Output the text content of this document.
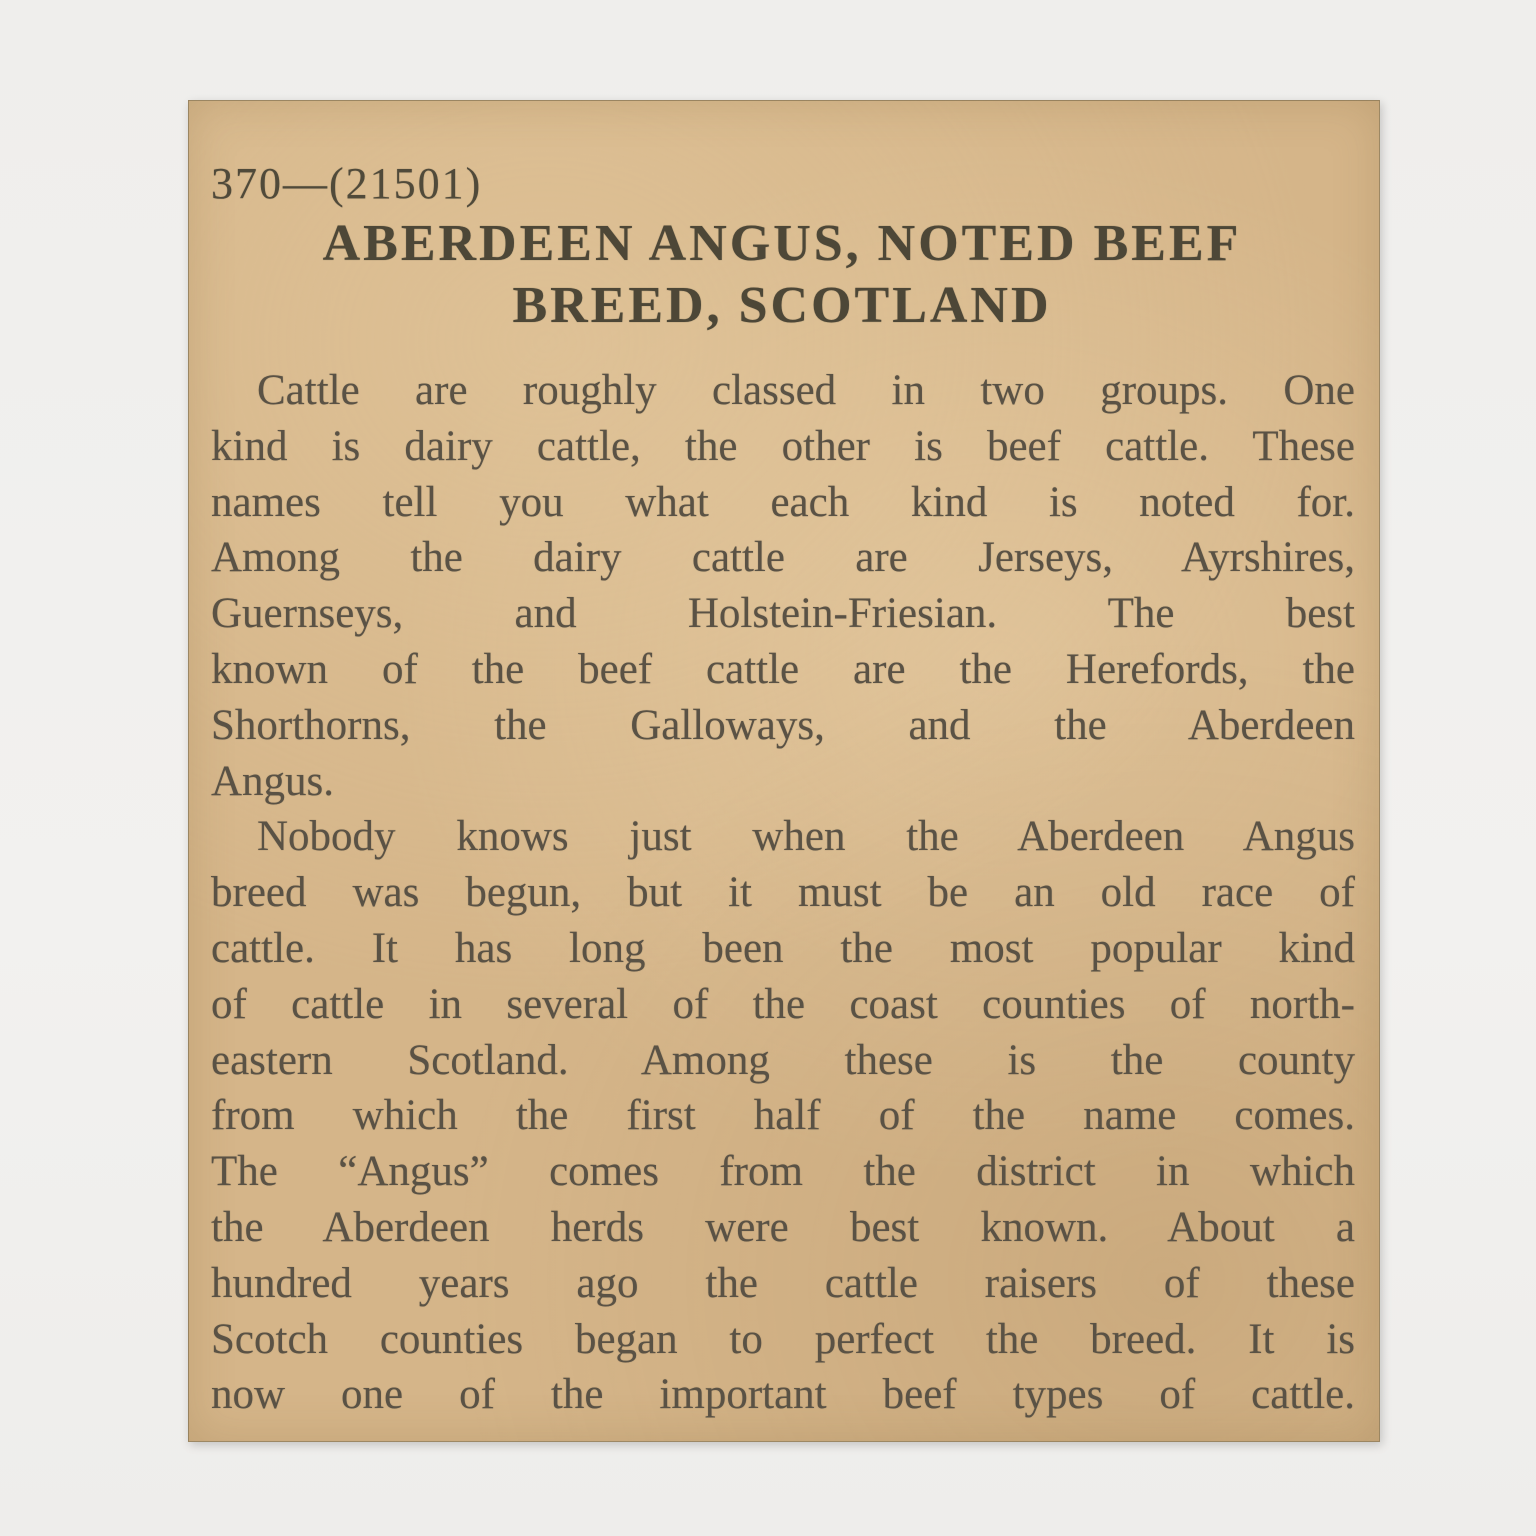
370—(21501)
ABERDEEN ANGUS, NOTED BEEF
BREED, SCOTLAND
Cattle are roughly classed in two groups. One
kind is dairy cattle, the other is beef cattle. These
names tell you what each kind is noted for.
Among the dairy cattle are Jerseys, Ayrshires,
Guernseys, and Holstein-Friesian. The best
known of the beef cattle are the Herefords, the
Shorthorns, the Galloways, and the Aberdeen
Angus.
Nobody knows just when the Aberdeen Angus
breed was begun, but it must be an old race of
cattle. It has long been the most popular kind
of cattle in several of the coast counties of north-
eastern Scotland. Among these is the county
from which the first half of the name comes.
The “Angus” comes from the district in which
the Aberdeen herds were best known. About a
hundred years ago the cattle raisers of these
Scotch counties began to perfect the breed. It is
now one of the important beef types of cattle.
